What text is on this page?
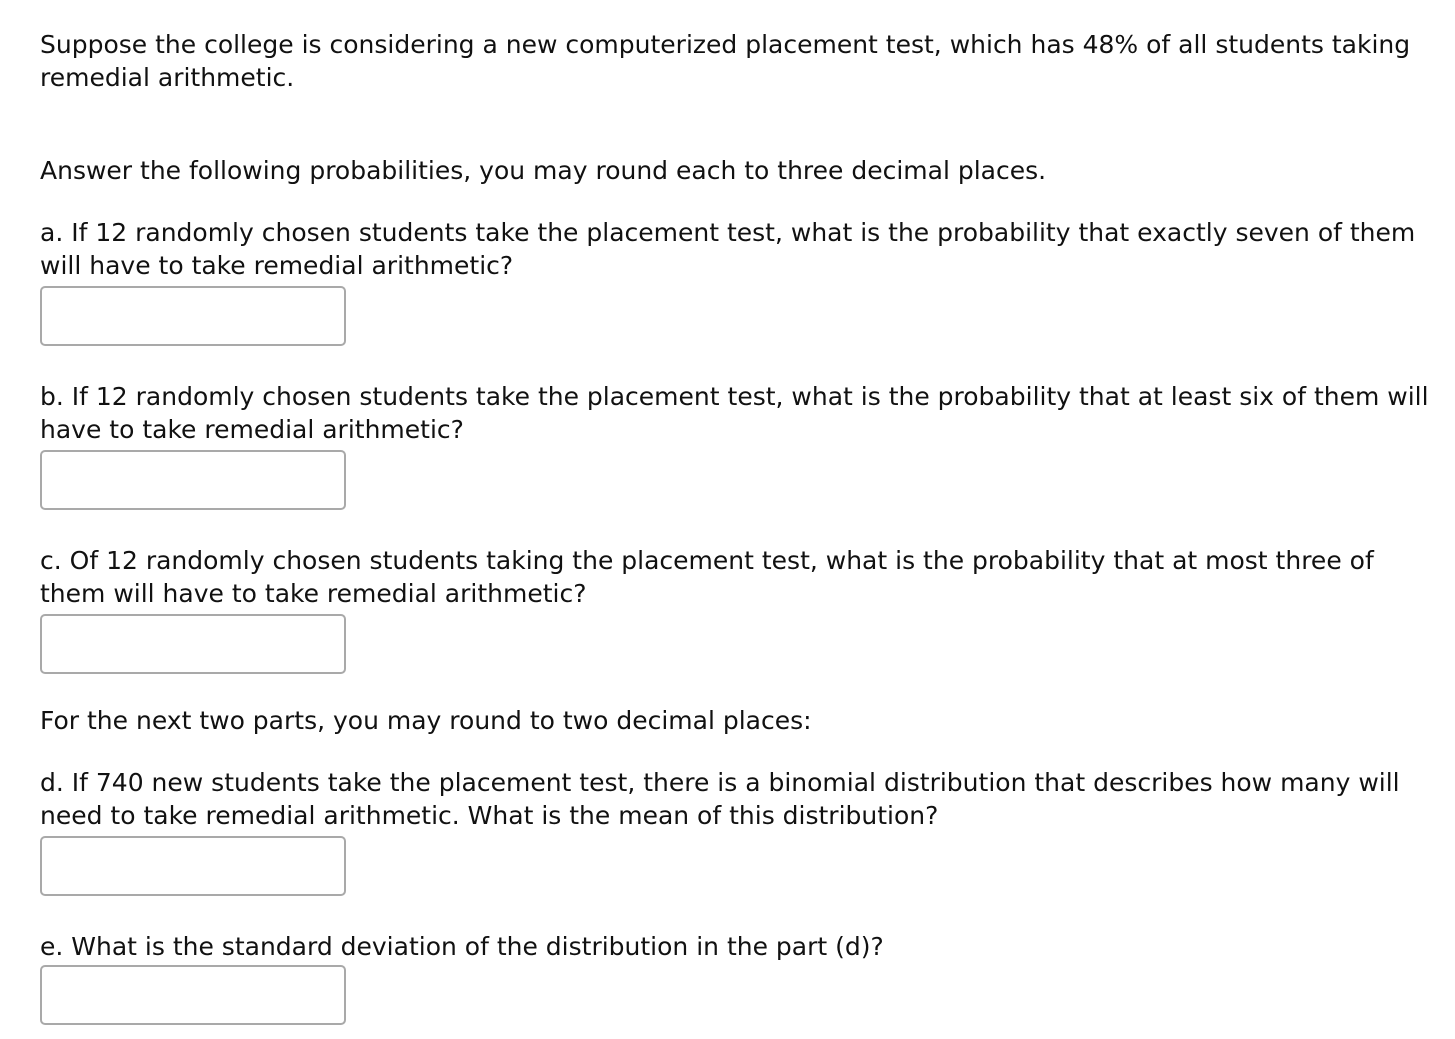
Suppose the college is considering a new computerized placement test, which has 48% of all students taking remedial arithmetic.

Answer the following probabilities, you may round each to three decimal places.

a. If 12 randomly chosen students take the placement test, what is the probability that exactly seven of them will have to take remedial arithmetic?

b. If 12 randomly chosen students take the placement test, what is the probability that at least six of them will have to take remedial arithmetic?

c. Of 12 randomly chosen students taking the placement test, what is the probability that at most three of them will have to take remedial arithmetic?

For the next two parts, you may round to two decimal places:

d. If 740 new students take the placement test, there is a binomial distribution that describes how many will need to take remedial arithmetic. What is the mean of this distribution?

e. What is the standard deviation of the distribution in the part (d)?
